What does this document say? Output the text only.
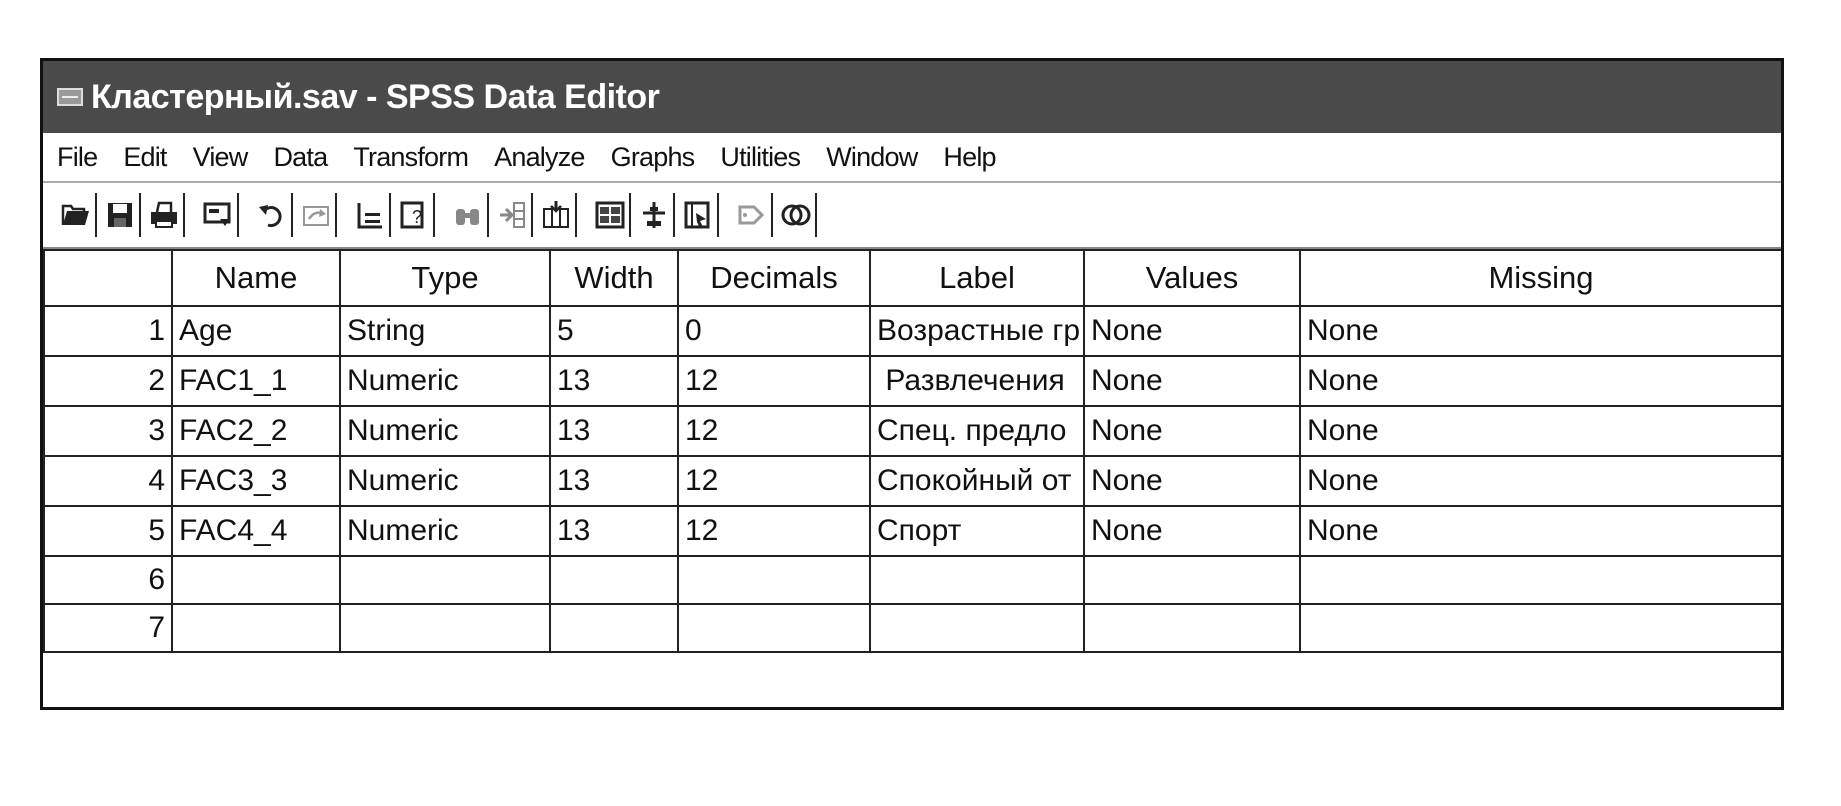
Кластерный.sav - SPSS Data Editor
File Edit View Data Transform Analyze Graphs Utilities Window Help
?
	Name	Type	Width	Decimals	Label	Values	Missing
1	Age	String	5	0	Возрастные гр	None	None
2	FAC1_1	Numeric	13	12	Развлечения	None	None
3	FAC2_2	Numeric	13	12	Спец. предло	None	None
4	FAC3_3	Numeric	13	12	Спокойный от	None	None
5	FAC4_4	Numeric	13	12	Спорт	None	None
6							
7							
